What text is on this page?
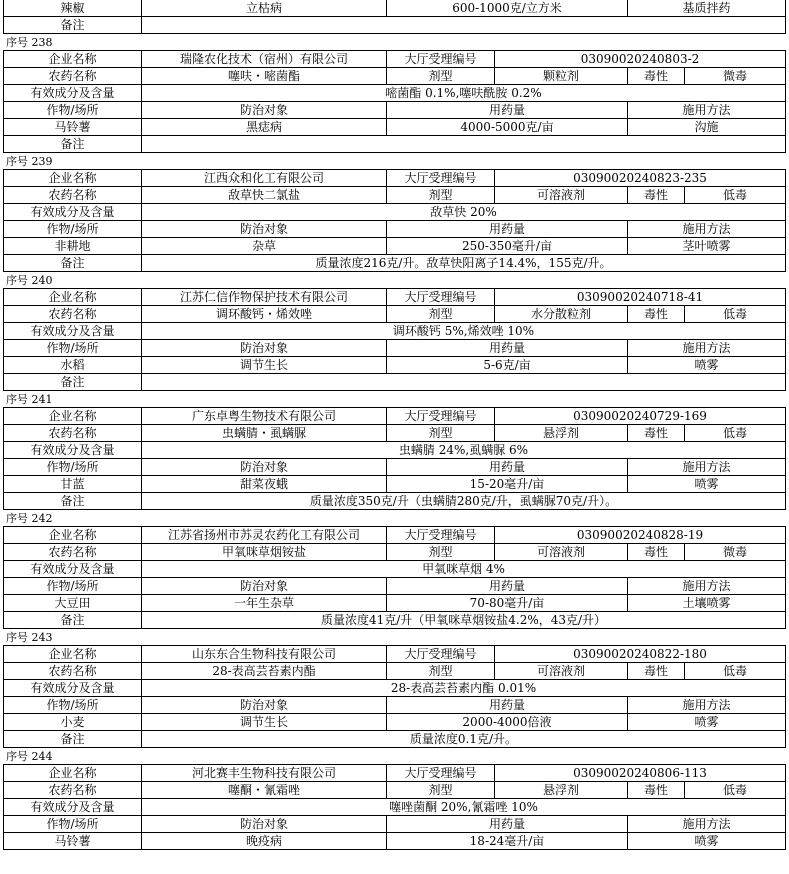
辣椒	立枯病	600-1000克/立方米	基质拌药
备注
序号 238
企业名称	瑞隆农化技术（宿州）有限公司	大厅受理编号	03090020240803-2
农药名称	噻呋・嘧菌酯	剂型	颗粒剂	毒性	微毒
有效成分及含量	嘧菌酯 0.1%,噻呋酰胺 0.2%
作物/场所	防治对象	用药量	施用方法
马铃薯	黑痣病	4000-5000克/亩	沟施
备注
序号 239
企业名称	江西众和化工有限公司	大厅受理编号	03090020240823-235
农药名称	敌草快二氯盐	剂型	可溶液剂	毒性	低毒
有效成分及含量	敌草快 20%
作物/场所	防治对象	用药量	施用方法
非耕地	杂草	250-350毫升/亩	茎叶喷雾
备注	质量浓度216克/升。敌草快阳离子14.4%，155克/升。
序号 240
企业名称	江苏仁信作物保护技术有限公司	大厅受理编号	03090020240718-41
农药名称	调环酸钙・烯效唑	剂型	水分散粒剂	毒性	低毒
有效成分及含量	调环酸钙 5%,烯效唑 10%
作物/场所	防治对象	用药量	施用方法
水稻	调节生长	5-6克/亩	喷雾
备注
序号 241
企业名称	广东卓粤生物技术有限公司	大厅受理编号	03090020240729-169
农药名称	虫螨腈・虱螨脲	剂型	悬浮剂	毒性	低毒
有效成分及含量	虫螨腈 24%,虱螨脲 6%
作物/场所	防治对象	用药量	施用方法
甘蓝	甜菜夜蛾	15-20毫升/亩	喷雾
备注	质量浓度350克/升（虫螨腈280克/升，虱螨脲70克/升）。
序号 242
企业名称	江苏省扬州市苏灵农药化工有限公司	大厅受理编号	03090020240828-19
农药名称	甲氧咪草烟铵盐	剂型	可溶液剂	毒性	微毒
有效成分及含量	甲氧咪草烟 4%
作物/场所	防治对象	用药量	施用方法
大豆田	一年生杂草	70-80毫升/亩	土壤喷雾
备注	质量浓度41克/升（甲氧咪草烟铵盐4.2%，43克/升）
序号 243
企业名称	山东东合生物科技有限公司	大厅受理编号	03090020240822-180
农药名称	28-表高芸苔素内酯	剂型	可溶液剂	毒性	低毒
有效成分及含量	28-表高芸苔素内酯 0.01%
作物/场所	防治对象	用药量	施用方法
小麦	调节生长	2000-4000倍液	喷雾
备注	质量浓度0.1克/升。
序号 244
企业名称	河北赛丰生物科技有限公司	大厅受理编号	03090020240806-113
农药名称	噻酮・氰霜唑	剂型	悬浮剂	毒性	低毒
有效成分及含量	噻唑菌酮 20%,氰霜唑 10%
作物/场所	防治对象	用药量	施用方法
马铃薯	晚疫病	18-24毫升/亩	喷雾
